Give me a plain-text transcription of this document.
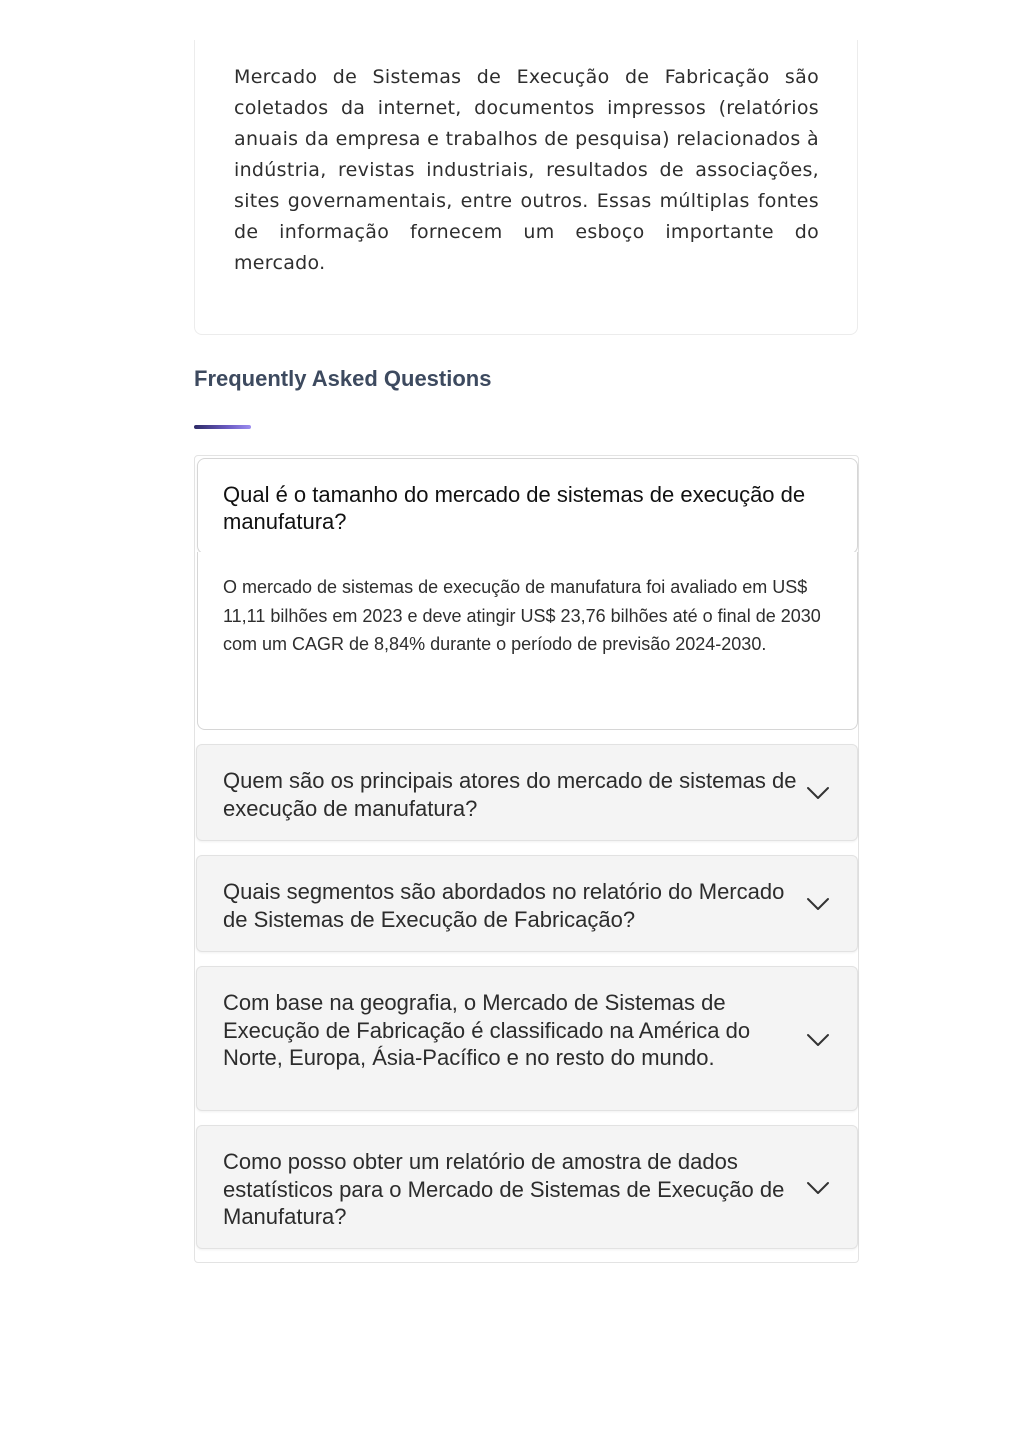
Mercado de Sistemas de Execução de Fabricação são coletados da internet, documentos impressos (relatórios anuais da empresa e trabalhos de pesquisa) relacionados à indústria, revistas industriais, resultados de associações, sites governamentais, entre outros. Essas múltiplas fontes de informação fornecem um esboço importante do mercado.

Frequently Asked Questions
Qual é o tamanho do mercado de sistemas de execução de manufatura?
O mercado de sistemas de execução de manufatura foi avaliado em US$ 11,11 bilhões em 2023 e deve atingir US$ 23,76 bilhões até o final de 2030 com um CAGR de 8,84% durante o período de previsão 2024-2030.
Quem são os principais atores do mercado de sistemas de execução de manufatura?
Quais segmentos são abordados no relatório do Mercado de Sistemas de Execução de Fabricação?
Com base na geografia, o Mercado de Sistemas de Execução de Fabricação é classificado na América do Norte, Europa, Ásia-Pacífico e no resto do mundo.
Como posso obter um relatório de amostra de dados estatísticos para o Mercado de Sistemas de Execução de Manufatura?
